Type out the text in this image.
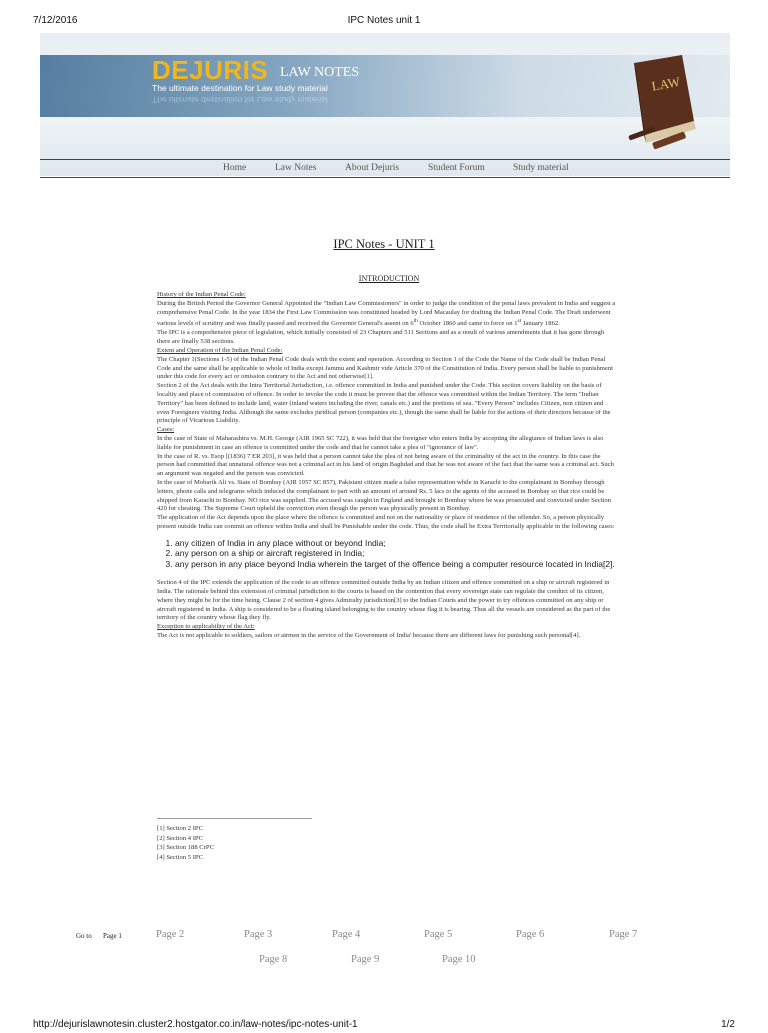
7/12/2016	IPC Notes unit 1
DEJURIS LAW NOTES
The ultimate destination for Law study material
The ultimate destination for Law study material
LAW
Home	Law Notes	About Dejuris	Student Forum	Study material
IPC Notes - UNIT 1
INTRODUCTION

History of the Indian Penal Code:

During the British Period the Governor General Appointed the "Indian Law Commissioners" in order to judge the condition of the penal laws prevalent in India and suggest a comprehensive Penal Code. In the year 1834 the First Law Commission was constituted headed by Lord Macaulay for drafting the Indian Penal Code. The Draft underwent various levels of scrutiny and was finally passed and received the Governor General's assent on 6th October 1860 and came to force on 1st January 1862.

The IPC is a comprehensive piece of legislation, which initially consisted of 23 Chapters and 511 Sections and as a result of various amendments that it has gone through there are finally 538 sections.

Extent and Operation of the Indian Penal Code:

The Chapter 1(Sections 1-5) of the Indian Penal Code deals with the extent and operation. According to Section 1 of the Code the Name of the Code shall be Indian Penal Code and the same shall be applicable to whole of India except Jammu and Kashmir vide Article 370 of the Constitution of India. Every person shall be liable to punishment under this code for every act or omission contrary to the Act and not otherwise[1].

Section 2 of the Act deals with the Intra Territorial Jurisdiction, i.e. offence committed in India and punished under the Code. This section covers liability on the basis of locality and place of commission of offence. In order to invoke the code it must be proven that the offence was committed within the Indian Territory. The term "Indian Territory" has been defined to include land, water (inland waters including the river, canals etc.) and the portions of sea. "Every Person" includes Citizen, non citizen and even Foreigners visiting India. Although the same excludes juridical person (companies etc.), though the same shall be liable for the actions of their directors because of the principle of Vicarious Liability.

Cases:

In the case of State of Maharashtra vs. M.H. George (AIR 1965 SC 722), it was held that the foreigner who enters India by accepting the allegiance of Indian laws is also liable for punishment in case an offence is committed under the code and that he cannot take a plea of "ignorance of law".

In the case of R. vs. Esop [(1836) 7 ER 203], it was held that a person cannot take the plea of not being aware of the criminality of the act in the country. In this case the person had committed that unnatural offence was not a criminal act in his land of origin Baghdad and that he was not aware of the fact that the same was a criminal act. Such an argument was negated and the person was convicted.

In the case of Mobarik Ali vs. State of Bombay (AIR 1957 SC 857), Pakistani citizen made a false representation while in Karachi to the complainant in Bombay through letters, phone calls and telegrams which induced the complainant to part with an amount of around Rs. 5 lacs to the agents of the accused in Bombay so that rice could be shipped from Karachi to Bombay. NO rice was supplied. The accused was caught in England and brought to Bombay where he was prosecuted and convicted under Section 420 for cheating. The Supreme Court upheld the conviction even though the person was physically present in Bombay.

The application of the Act depends upon the place where the offence is committed and not on the nationality or place of residence of the offender. So, a person physically present outside India can commit an offence within India and shall be Punishable under the code. Thus, the code shall be Extra Territorially applicable in the following cases:

1. any citizen of India in any place without or beyond India;
2. any person on a ship or aircraft registered in India;
3. any person in any place beyond India wherein the target of the offence being a computer resource located in India[2].

Section 4 of the IPC extends the application of the code to an offence committed outside India by an Indian citizen and offence committed on a ship or aircraft registered in India. The rationale behind this extension of criminal jurisdiction to the courts is based on the contention that every sovereign state can regulate the conduct of its citizen, where they might be for the time being. Clause 2 of section 4 gives Admiralty jurisdiction[3] to the Indian Courts and the power to try offences committed on any ship or aircraft registered in India. A ship is considered to be a floating island belonging to the country whose flag it is bearing. Thus all the vessels are considered as the part of the territory of the country whose flag they fly.

Exception to applicability of the Act:

The Act is not applicable to soldiers, sailors or airmen in the service of the Government of India' because there are different laws for punishing such personal[4].

[1] Section 2 IPC
[2] Section 4 IPC
[3] Section 188 CrPC
[4] Section 5 IPC
Go to Page 1	Page 2	Page 3	Page 4	Page 5	Page 6	Page 7
Page 8	Page 9	Page 10
http://dejurislawnotesin.cluster2.hostgator.co.in/law-notes/ipc-notes-unit-1	1/2
